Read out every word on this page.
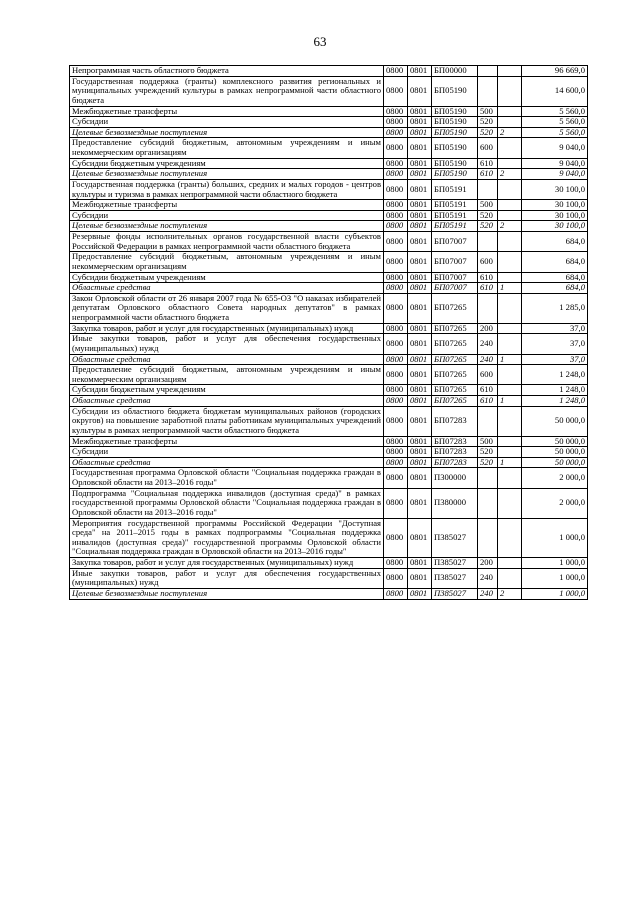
63
Непрограммная часть областного бюджета	0800	0801	БП00000			96 669,0
Государственная поддержка (гранты) комплексного развития региональных и муниципальных учреждений культуры в рамках непрограммной части областного бюджета	0800	0801	БП05190			14 600,0
Межбюджетные трансферты	0800	0801	БП05190	500		5 560,0
Субсидии	0800	0801	БП05190	520		5 560,0
Целевые безвозмездные поступления	0800	0801	БП05190	520	2	5 560,0
Предоставление субсидий бюджетным, автономным учреждениям и иным некоммерческим организациям	0800	0801	БП05190	600		9 040,0
Субсидии бюджетным учреждениям	0800	0801	БП05190	610		9 040,0
Целевые безвозмездные поступления	0800	0801	БП05190	610	2	9 040,0
Государственная поддержка (гранты) больших, средних и малых городов - центров культуры и туризма в рамках непрограммной части областного бюджета	0800	0801	БП05191			30 100,0
Межбюджетные трансферты	0800	0801	БП05191	500		30 100,0
Субсидии	0800	0801	БП05191	520		30 100,0
Целевые безвозмездные поступления	0800	0801	БП05191	520	2	30 100,0
Резервные фонды исполнительных органов государственной власти субъектов Российской Федерации в рамках непрограммной части областного бюджета	0800	0801	БП07007			684,0
Предоставление субсидий бюджетным, автономным учреждениям и иным некоммерческим организациям	0800	0801	БП07007	600		684,0
Субсидии бюджетным учреждениям	0800	0801	БП07007	610		684,0
Областные средства	0800	0801	БП07007	610	1	684,0
Закон Орловской области от 26 января 2007 года № 655-ОЗ "О наказах избирателей депутатам Орловского областного Совета народных депутатов" в рамках непрограммной части областного бюджета	0800	0801	БП07265			1 285,0
Закупка товаров, работ и услуг для государственных (муниципальных) нужд	0800	0801	БП07265	200		37,0
Иные закупки товаров, работ и услуг для обеспечения государственных (муниципальных) нужд	0800	0801	БП07265	240		37,0
Областные средства	0800	0801	БП07265	240	1	37,0
Предоставление субсидий бюджетным, автономным учреждениям и иным некоммерческим организациям	0800	0801	БП07265	600		1 248,0
Субсидии бюджетным учреждениям	0800	0801	БП07265	610		1 248,0
Областные средства	0800	0801	БП07265	610	1	1 248,0
Субсидии из областного бюджета бюджетам муниципальных районов (городских округов) на повышение заработной платы работникам муниципальных учреждений культуры в рамках непрограммной части областного бюджета	0800	0801	БП07283			50 000,0
Межбюджетные трансферты	0800	0801	БП07283	500		50 000,0
Субсидии	0800	0801	БП07283	520		50 000,0
Областные средства	0800	0801	БП07283	520	1	50 000,0
Государственная программа Орловской области "Социальная поддержка граждан в Орловской области на 2013–2016 годы"	0800	0801	П300000			2 000,0
Подпрограмма "Социальная поддержка инвалидов (доступная среда)" в рамках государственной программы Орловской области "Социальная поддержка граждан в Орловской области на 2013–2016 годы"	0800	0801	П380000			2 000,0
Мероприятия государственной программы Российской Федерации "Доступная среда" на 2011–2015 годы в рамках подпрограммы "Социальная поддержка инвалидов (доступная среда)" государственной программы Орловской области "Социальная поддержка граждан в Орловской области на 2013–2016 годы"	0800	0801	П385027			1 000,0
Закупка товаров, работ и услуг для государственных (муниципальных) нужд	0800	0801	П385027	200		1 000,0
Иные закупки товаров, работ и услуг для обеспечения государственных (муниципальных) нужд	0800	0801	П385027	240		1 000,0
Целевые безвозмездные поступления	0800	0801	П385027	240	2	1 000,0
